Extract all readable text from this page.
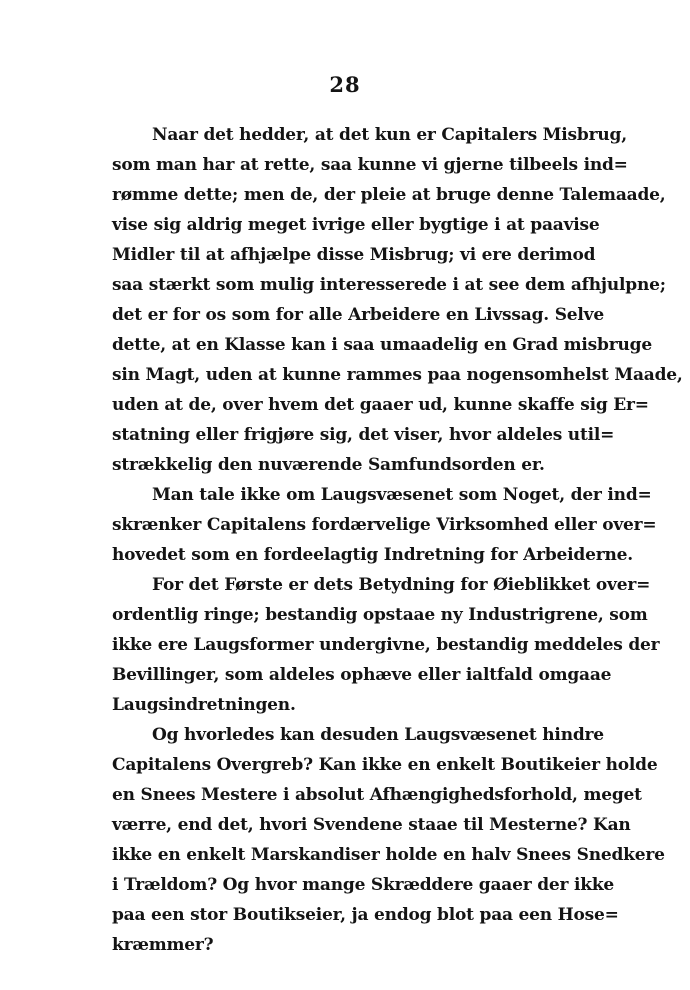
28
Naar det hedder, at det kun er Capitalers Misbrug,
som man har at rette, saa kunne vi gjerne tilbeels ind=
rømme dette; men de, der pleie at bruge denne Talemaade,
vise sig aldrig meget ivrige eller bygtige i at paavise
Midler til at afhjælpe disse Misbrug; vi ere derimod
saa stærkt som mulig interesserede i at see dem afhjulpne;
det er for os som for alle Arbeidere en Livssag. Selve
dette, at en Klasse kan i saa umaadelig en Grad misbruge
sin Magt, uden at kunne rammes paa nogensomhelst Maade,
uden at de, over hvem det gaaer ud, kunne skaffe sig Er=
statning eller frigjøre sig, det viser, hvor aldeles util=
strækkelig den nuværende Samfundsorden er.
Man tale ikke om Laugsvæsenet som Noget, der ind=
skrænker Capitalens fordærvelige Virksomhed eller over=
hovedet som en fordeelagtig Indretning for Arbeiderne.
For det Første er dets Betydning for Øieblikket over=
ordentlig ringe; bestandig opstaae ny Industrigrene, som
ikke ere Laugsformer undergivne, bestandig meddeles der
Bevillinger, som aldeles ophæve eller ialtfald omgaae
Laugsindretningen.
Og hvorledes kan desuden Laugsvæsenet hindre
Capitalens Overgreb? Kan ikke en enkelt Boutikeier holde
en Snees Mestere i absolut Afhængighedsforhold, meget
værre, end det, hvori Svendene staae til Mesterne? Kan
ikke en enkelt Marskandiser holde en halv Snees Snedkere
i Trældom? Og hvor mange Skræddere gaaer der ikke
paa een stor Boutikseier, ja endog blot paa een Hose=
kræmmer?
